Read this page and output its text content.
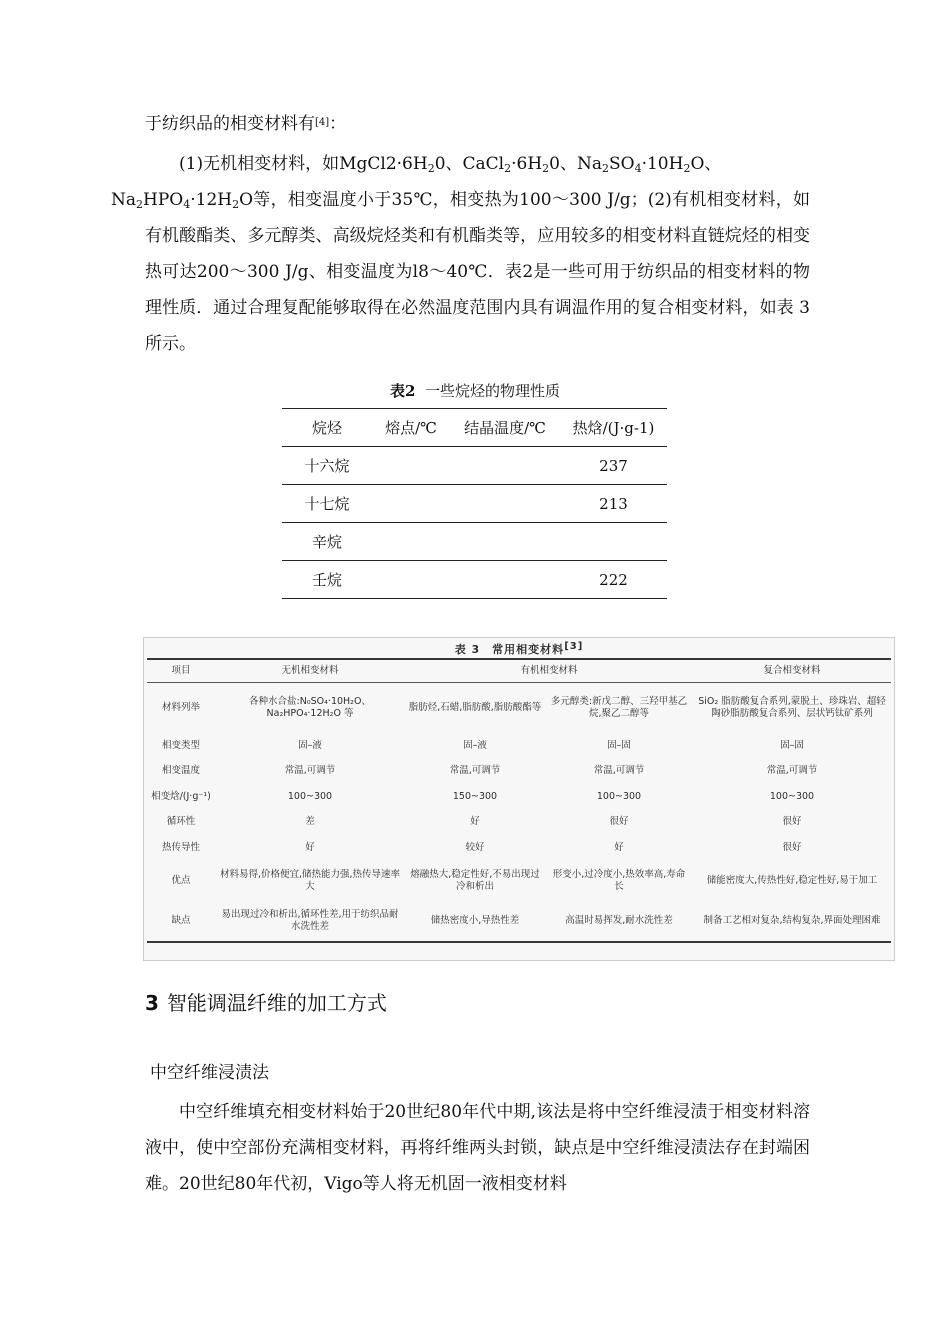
于纺织品的相变材料有[4]：
(1)无机相变材料，如$MgCl2\cdot 6H_20$、$CaCl_2\cdot 6H_20$、$Na_2SO_4\cdot 10H_2O$、
$Na_2HPO_4\cdot 12H_2O$等，相变温度小于35℃，相变热为100～300 J/g；(2)有机相变材料，如有机酸酯类、多元醇类、高级烷烃类和有机酯类等，应用较多的相变材料直链烷烃的相变热可达200～300 J/g、相变温度为l8～40℃．表2是一些可用于纺织品的相变材料的物理性质．通过合理复配能够取得在必然温度范围内具有调温作用的复合相变材料，如表 3所示。
表2 一些烷烃的物理性质
烷烃	熔点/℃	结晶温度/℃	热焓/(J·g-1)
十六烷			237
十七烷			213
辛烷			
壬烷			222
表 3　常用相变材料[3]
项目	无机相变材料	有机相变材料		复合相变材料
材料列举	各种水合盐:N₀SO₄·10H₂O、Na₂HPO₄·12H₂O 等	脂肪烃,石蜡,脂肪酸,脂肪酸酯等	多元醇类:新戊二醇、三羟甲基乙烷,聚乙二醇等	SiO₂ 脂肪酸复合系列,蒙脱土、珍珠岩、超轻陶砂脂肪酸复合系列、层状钙钛矿系列
相变类型	固–液	固–液	固–固	固–固
相变温度	常温,可调节	常温,可调节	常温,可调节	常温,可调节
相变焓/(J·g⁻¹)	100~300	150~300	100~300	100~300
循环性	差	好	很好	很好
热传导性	好	较好	好	很好
优点	材料易得,价格便宜,储热能力强,热传导速率大	熔融热大,稳定性好,不易出现过冷和析出	形变小,过冷度小,热效率高,寿命长	储能密度大,传热性好,稳定性好,易于加工
缺点	易出现过冷和析出,循环性差,用于纺织品耐水洗性差	储热密度小,导热性差	高温时易挥发,耐水洗性差	制备工艺相对复杂,结构复杂,界面处理困难
3 智能调温纤维的加工方式
中空纤维浸渍法
中空纤维填充相变材料始于20世纪80年代中期,该法是将中空纤维浸渍于相变材料溶液中，使中空部份充满相变材料，再将纤维两头封锁，缺点是中空纤维浸渍法存在封端困难。20世纪80年代初，Vigo等人将无机固一液相变材料
